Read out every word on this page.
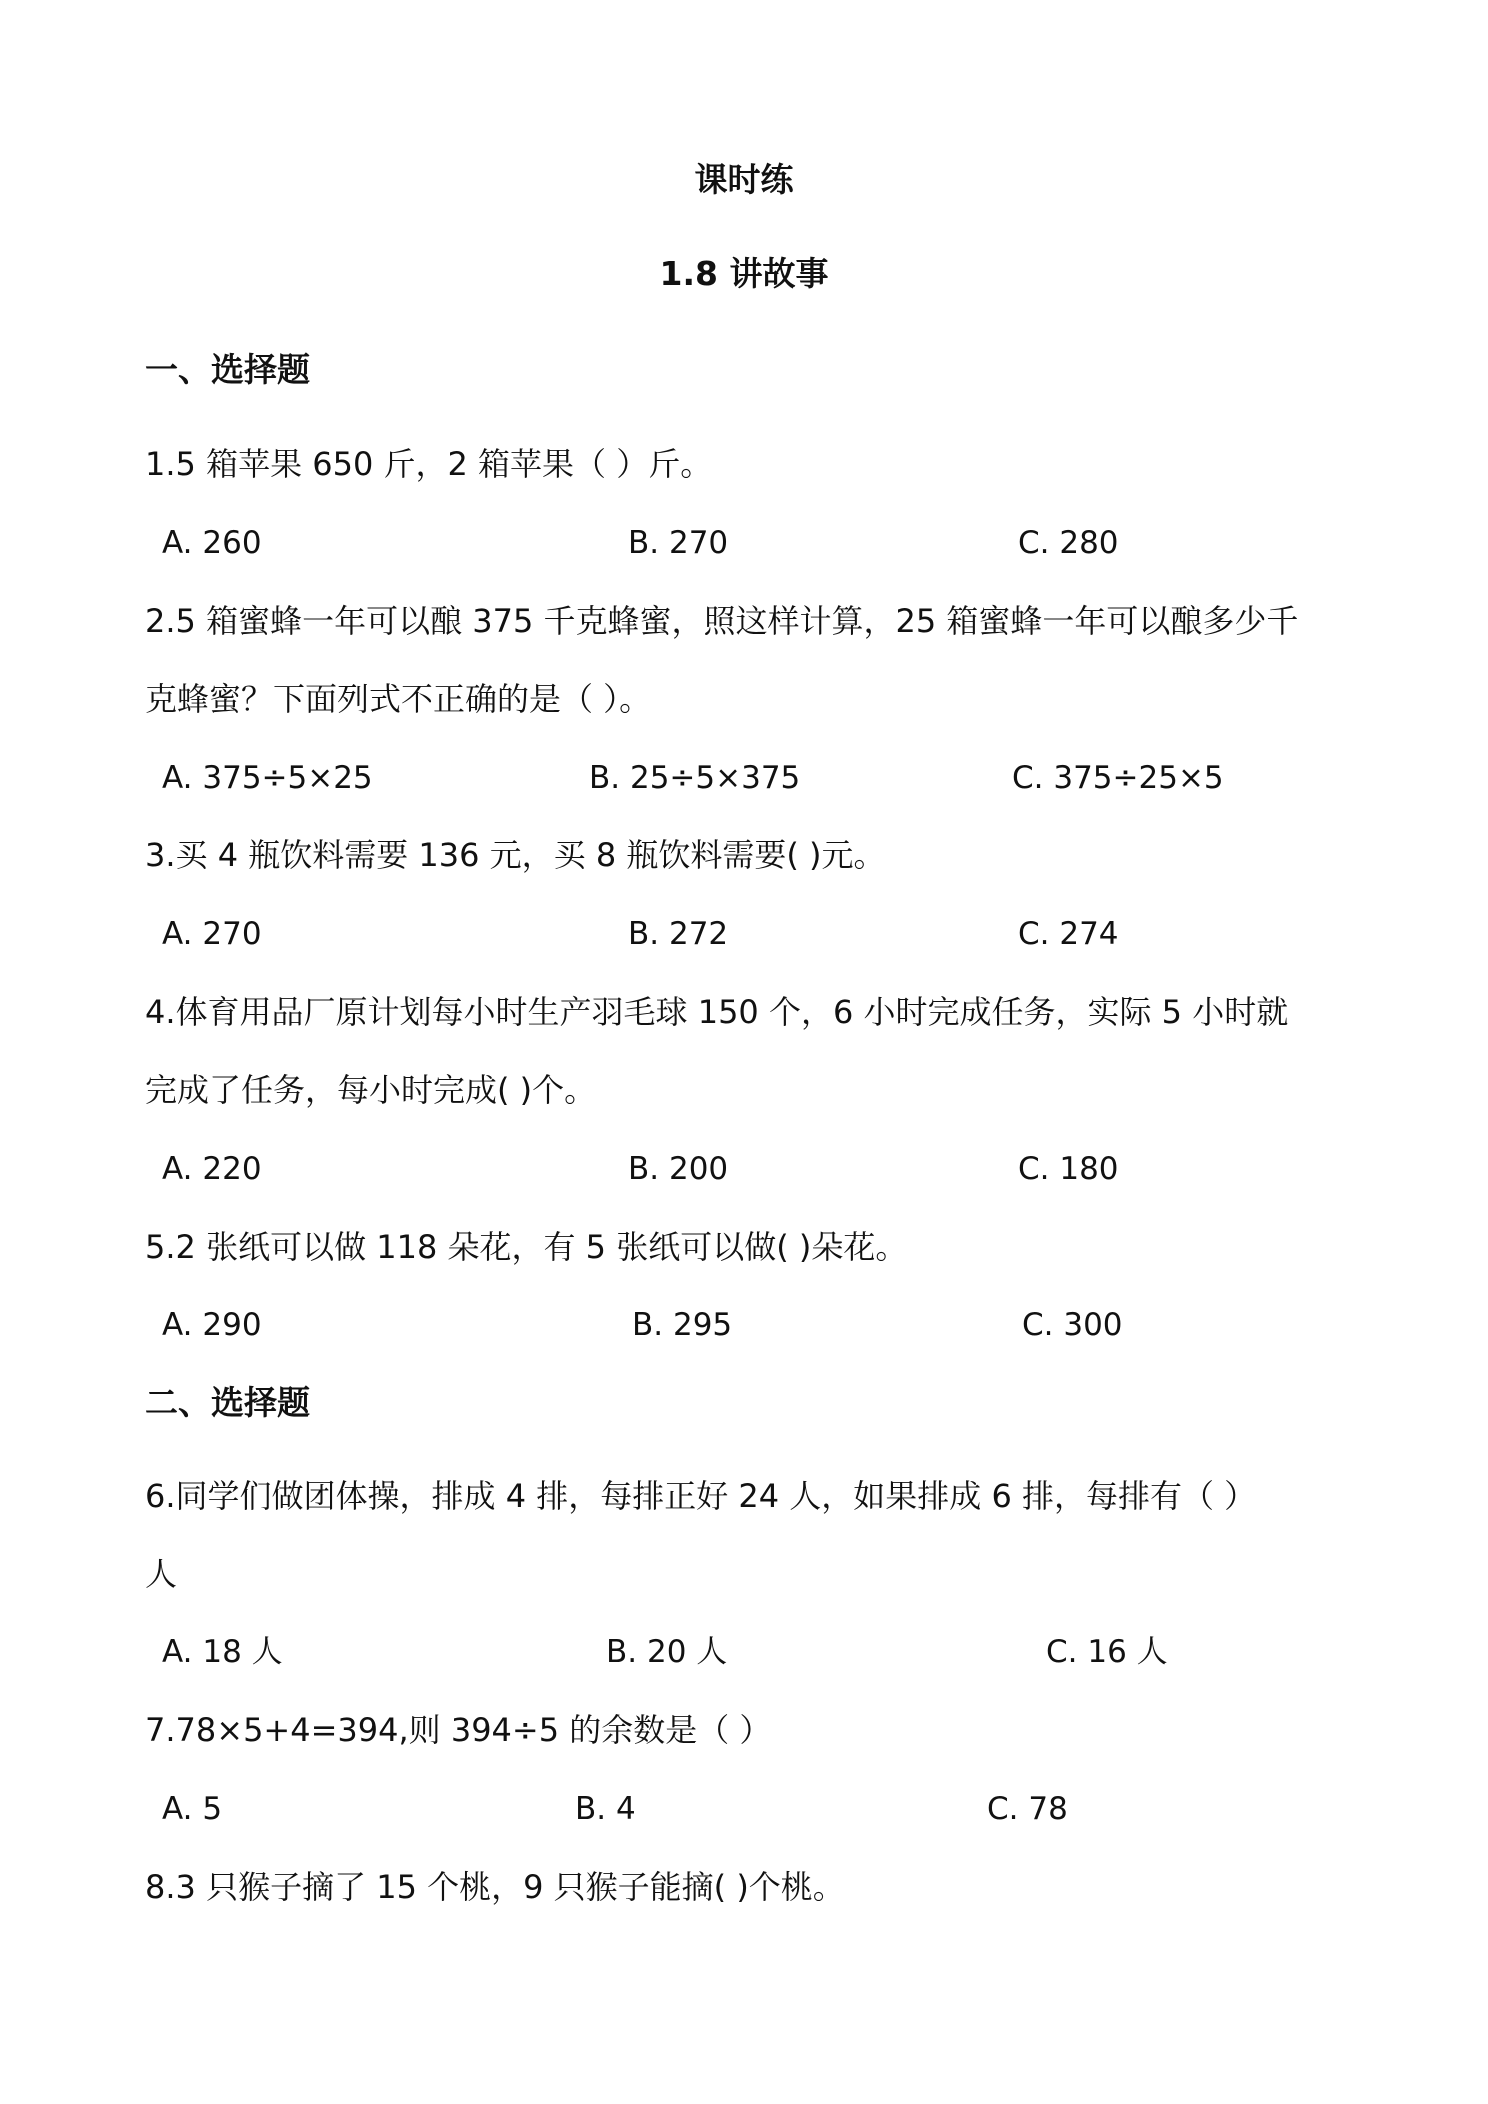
课时练

1.8 讲故事

一、选择题

1.5 箱苹果 650 斤，2 箱苹果（ ）斤。

A. 260	B. 270	C. 280

2.5 箱蜜蜂一年可以酿 375 千克蜂蜜，照这样计算，25 箱蜜蜂一年可以酿多少千

克蜂蜜？下面列式不正确的是（ ）。

A. 375÷5×25	B. 25÷5×375	C. 375÷25×5

3.买 4 瓶饮料需要 136 元，买 8 瓶饮料需要( )元。

A. 270	B. 272	C. 274

4.体育用品厂原计划每小时生产羽毛球 150 个，6 小时完成任务，实际 5 小时就

完成了任务，每小时完成( )个。

A. 220	B. 200	C. 180

5.2 张纸可以做 118 朵花，有 5 张纸可以做( )朵花。

A. 290	B. 295	C. 300

二、选择题

6.同学们做团体操，排成 4 排，每排正好 24 人，如果排成 6 排，每排有（ ）

人

A. 18 人	B. 20 人	C. 16 人

7.78×5+4=394,则 394÷5 的余数是（ ）

A. 5	B. 4	C. 78

8.3 只猴子摘了 15 个桃，9 只猴子能摘( )个桃。
